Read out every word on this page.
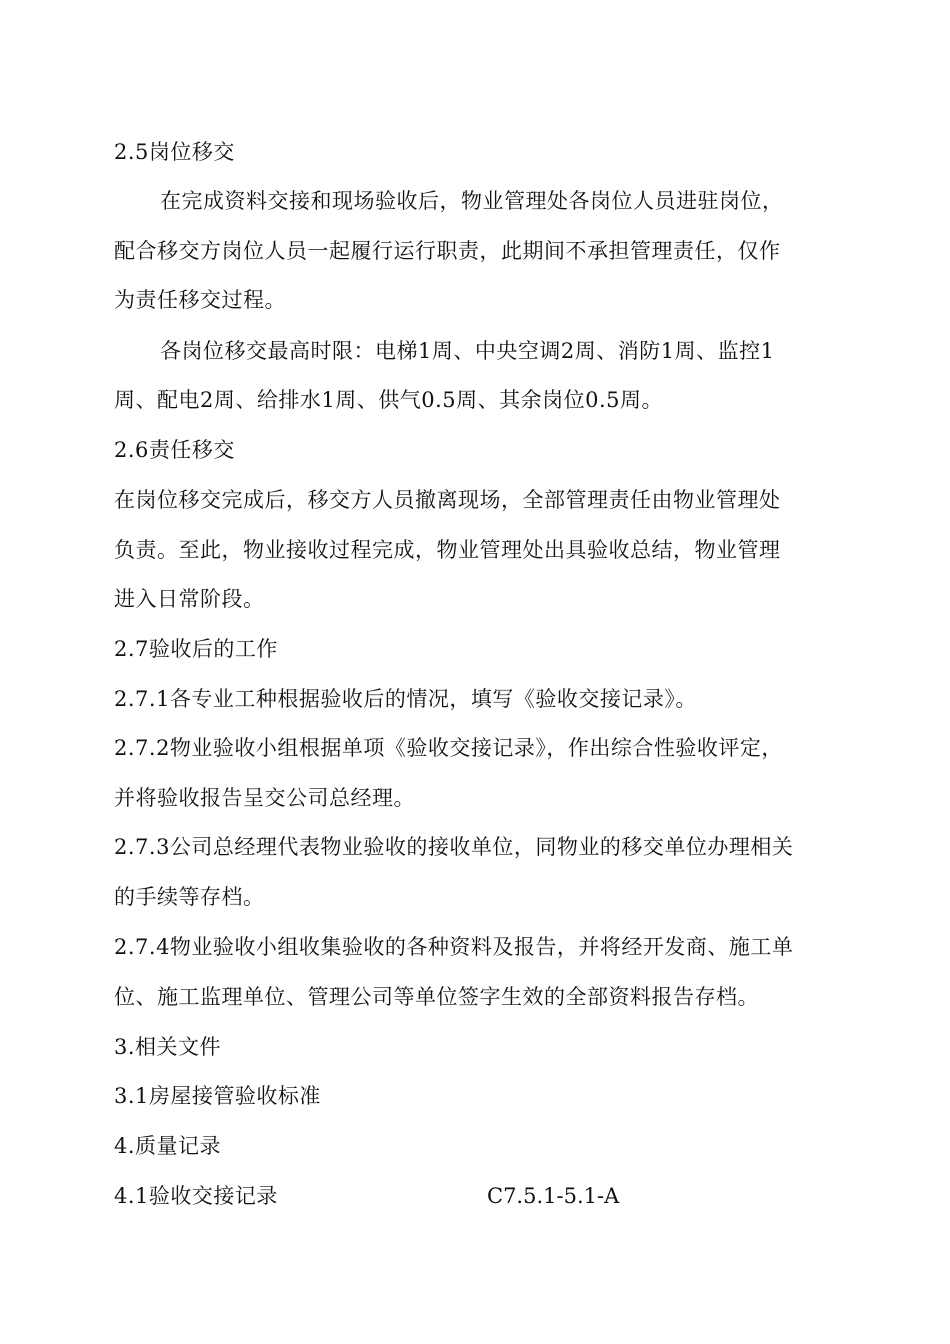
2.5岗位移交
在完成资料交接和现场验收后，物业管理处各岗位人员进驻岗位，
配合移交方岗位人员一起履行运行职责，此期间不承担管理责任，仅作
为责任移交过程。
各岗位移交最高时限：电梯1周、中央空调2周、消防1周、监控1
周、配电2周、给排水1周、供气0.5周、其余岗位0.5周。
2.6责任移交
在岗位移交完成后，移交方人员撤离现场，全部管理责任由物业管理处
负责。至此，物业接收过程完成，物业管理处出具验收总结，物业管理
进入日常阶段。
2.7验收后的工作
2.7.1各专业工种根据验收后的情况，填写《验收交接记录》。
2.7.2物业验收小组根据单项《验收交接记录》，作出综合性验收评定，
并将验收报告呈交公司总经理。
2.7.3公司总经理代表物业验收的接收单位，同物业的移交单位办理相关
的手续等存档。
2.7.4物业验收小组收集验收的各种资料及报告，并将经开发商、施工单
位、施工监理单位、管理公司等单位签字生效的全部资料报告存档。
3.相关文件
3.1房屋接管验收标准
4.质量记录
4.1验收交接记录	C7.5.1-5.1-A
